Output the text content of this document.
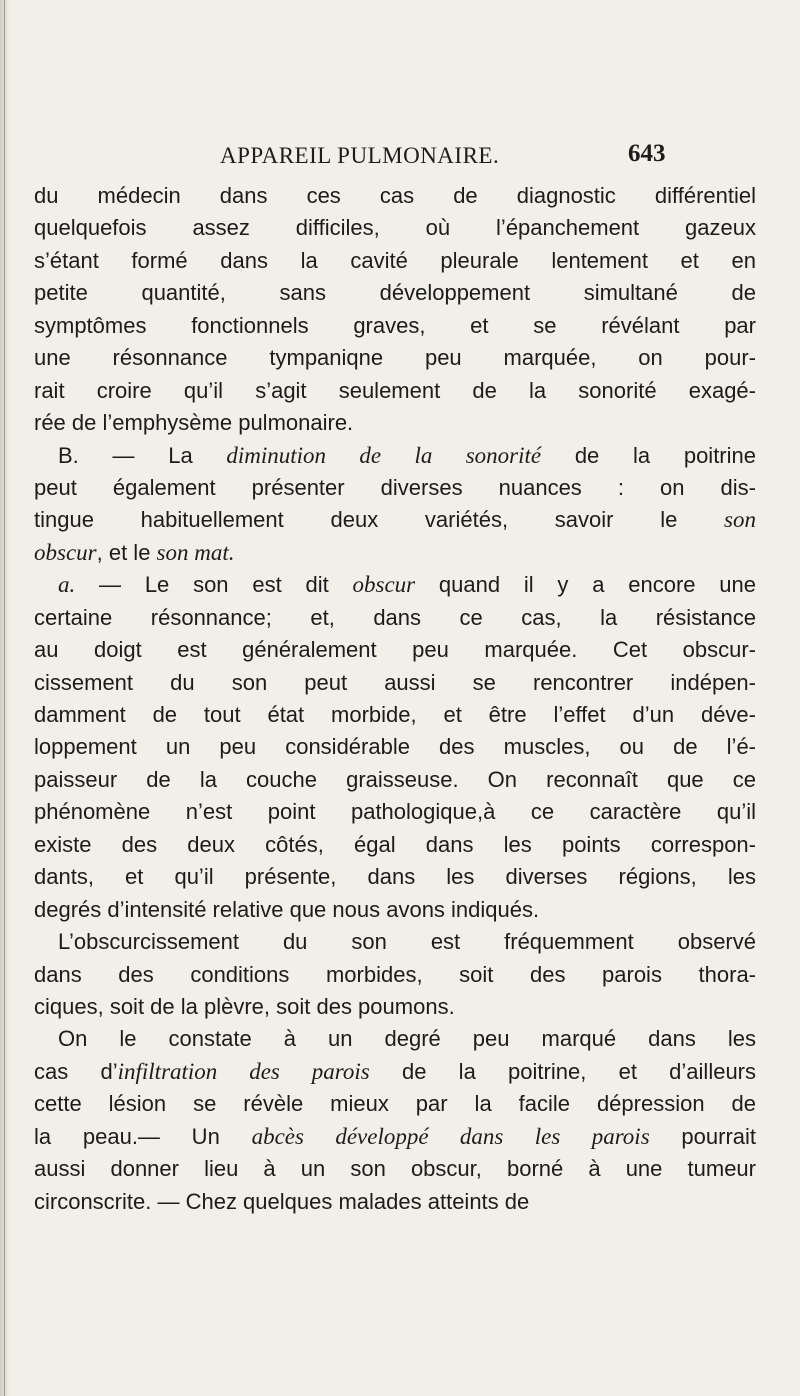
APPAREIL PULMONAIRE.	643
du médecin dans ces cas de diagnostic différentiel
quelquefois assez difficiles, où l’épanchement gazeux
s’étant formé dans la cavité pleurale lentement et en
petite quantité, sans développement simultané de
symptômes fonctionnels graves, et se révélant par
une résonnance tympaniqne peu marquée, on pour-
rait croire qu’il s’agit seulement de la sonorité exagé-
rée de l’emphysème pulmonaire.
B. — La diminution de la sonorité de la poitrine
peut également présenter diverses nuances : on dis-
tingue habituellement deux variétés, savoir le son
obscur, et le son mat.
a. — Le son est dit obscur quand il y a encore une
certaine résonnance; et, dans ce cas, la résistance
au doigt est généralement peu marquée. Cet obscur-
cissement du son peut aussi se rencontrer indépen-
damment de tout état morbide, et être l’effet d’un déve-
loppement un peu considérable des muscles, ou de l’é-
paisseur de la couche graisseuse. On reconnaît que ce
phénomène n’est point pathologique,à ce caractère qu’il
existe des deux côtés, égal dans les points correspon-
dants, et qu’il présente, dans les diverses régions, les
degrés d’intensité relative que nous avons indiqués.
L’obscurcissement du son est fréquemment observé
dans des conditions morbides, soit des parois thora-
ciques, soit de la plèvre, soit des poumons.
On le constate à un degré peu marqué dans les
cas d’infiltration des parois de la poitrine, et d’ailleurs
cette lésion se révèle mieux par la facile dépression de
la peau.— Un abcès développé dans les parois pourrait
aussi donner lieu à un son obscur, borné à une tumeur
circonscrite. — Chez quelques malades atteints de
